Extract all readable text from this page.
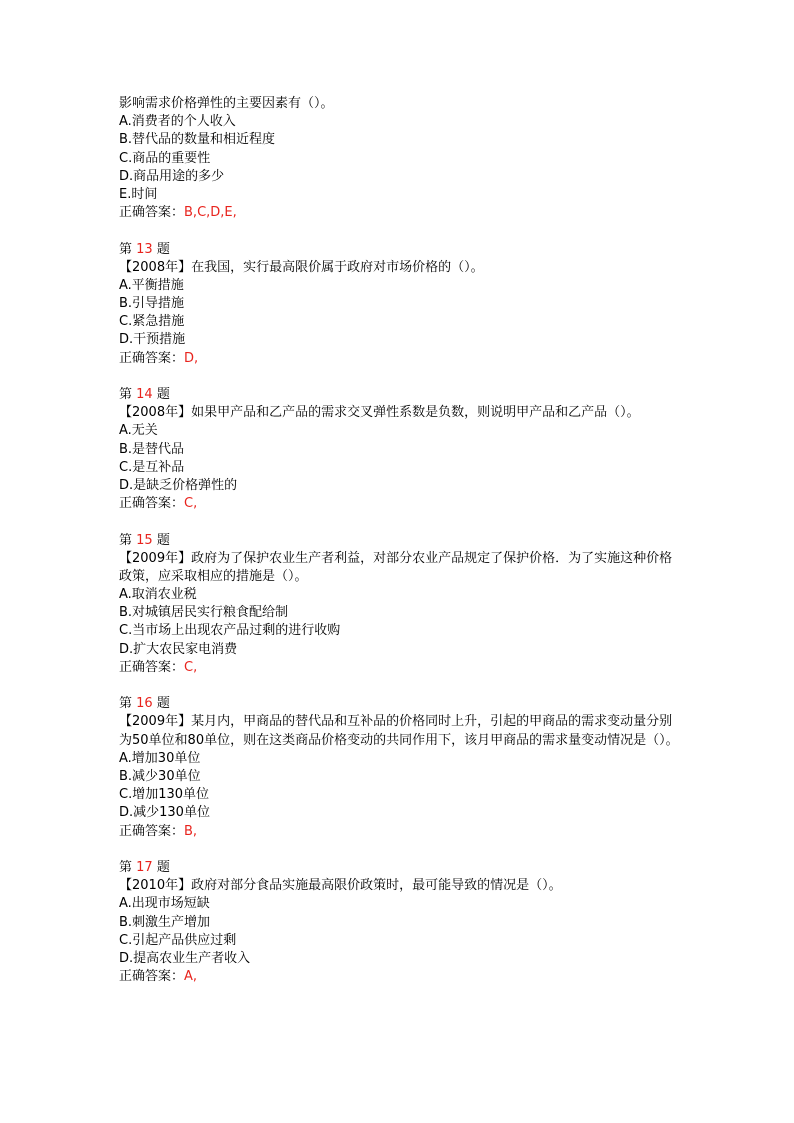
影响需求价格弹性的主要因素有（）。
A.消费者的个人收入
B.替代品的数量和相近程度
C.商品的重要性
D.商品用途的多少
E.时间
正确答案：B,C,D,E,
第 13 题
【2008年】在我国，实行最高限价属于政府对市场价格的（）。
A.平衡措施
B.引导措施
C.紧急措施
D.干预措施
正确答案：D,
第 14 题
【2008年】如果甲产品和乙产品的需求交叉弹性系数是负数，则说明甲产品和乙产品（）。
A.无关
B.是替代品
C.是互补品
D.是缺乏价格弹性的
正确答案：C,
第 15 题
【2009年】政府为了保护农业生产者利益，对部分农业产品规定了保护价格．为了实施这种价格政策，应采取相应的措施是（）。
A.取消农业税
B.对城镇居民实行粮食配给制
C.当市场上出现农产品过剩的进行收购
D.扩大农民家电消费
正确答案：C,
第 16 题
【2009年】某月内，甲商品的替代品和互补品的价格同时上升，引起的甲商品的需求变动量分别为50单位和80单位，则在这类商品价格变动的共同作用下，该月甲商品的需求量变动情况是（）。
A.增加30单位
B.减少30单位
C.增加130单位
D.减少130单位
正确答案：B,
第 17 题
【2010年】政府对部分食品实施最高限价政策时，最可能导致的情况是（）。
A.出现市场短缺
B.刺激生产增加
C.引起产品供应过剩
D.提高农业生产者收入
正确答案：A,
